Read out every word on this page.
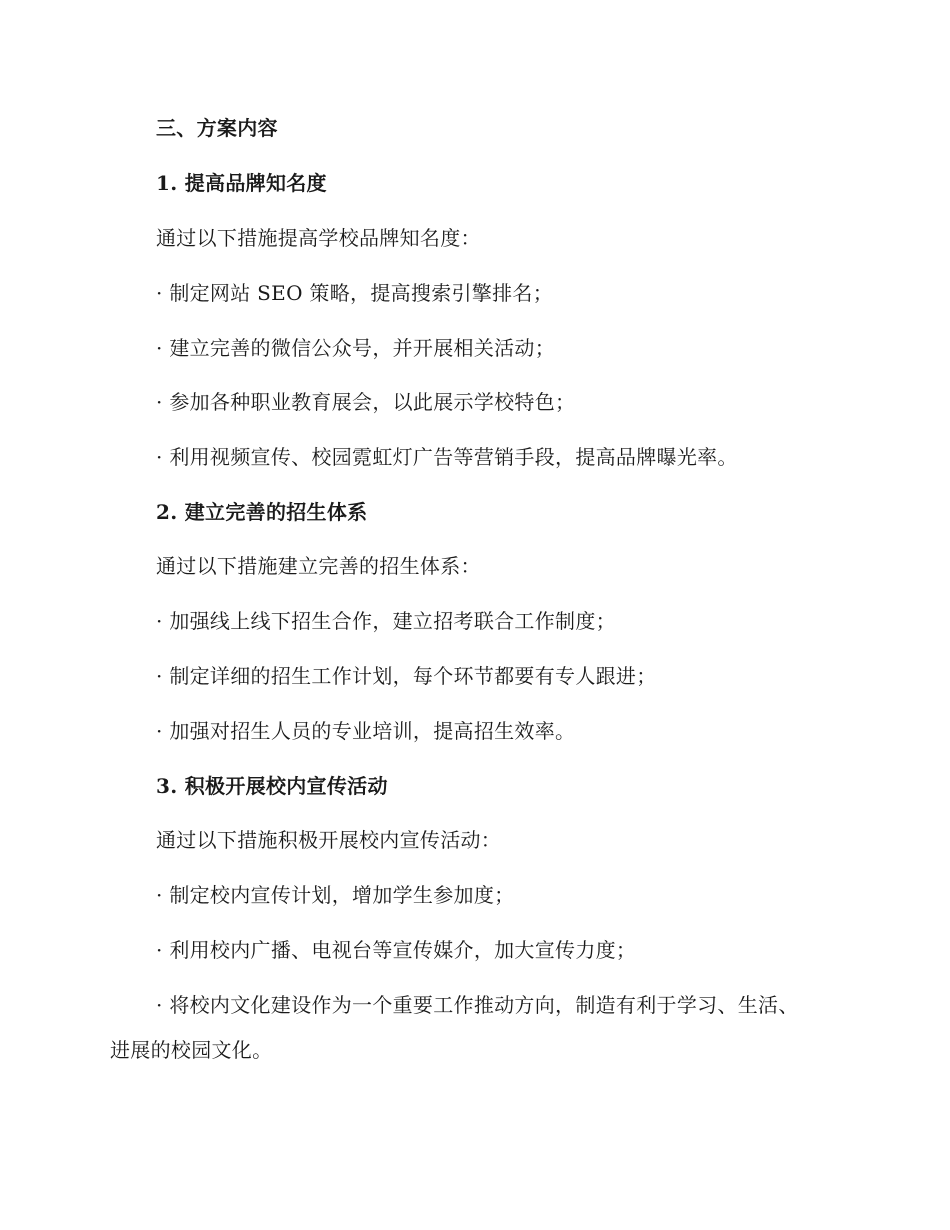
三、方案内容
1. 提高品牌知名度
通过以下措施提高学校品牌知名度：
· 制定网站 SEO 策略，提高搜索引擎排名；
· 建立完善的微信公众号，并开展相关活动；
· 参加各种职业教育展会，以此展示学校特色；
· 利用视频宣传、校园霓虹灯广告等营销手段，提高品牌曝光率。
2. 建立完善的招生体系
通过以下措施建立完善的招生体系：
· 加强线上线下招生合作，建立招考联合工作制度；
· 制定详细的招生工作计划，每个环节都要有专人跟进；
· 加强对招生人员的专业培训，提高招生效率。
3. 积极开展校内宣传活动
通过以下措施积极开展校内宣传活动：
· 制定校内宣传计划，增加学生参加度；
· 利用校内广播、电视台等宣传媒介，加大宣传力度；
· 将校内文化建设作为一个重要工作推动方向，制造有利于学习、生活、进展的校园文化。
